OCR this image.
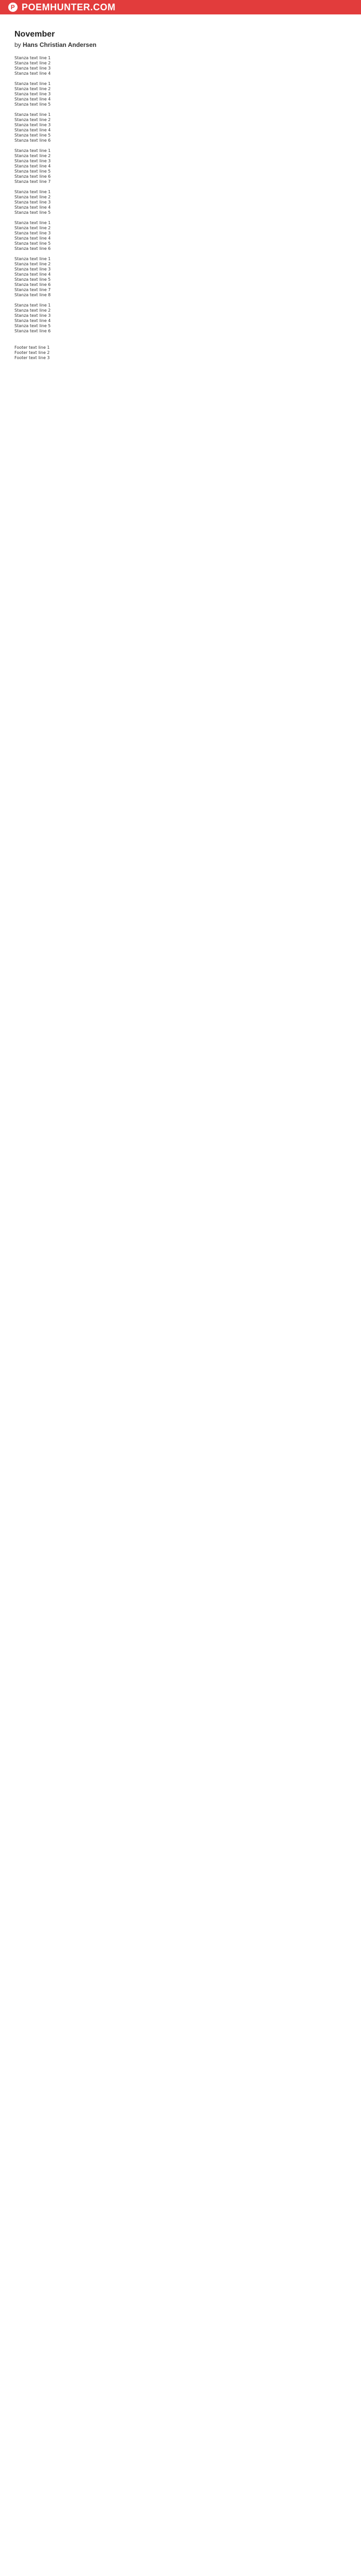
P POEMHUNTER.COM
November
by Hans Christian Andersen
Stanza text line 1
Stanza text line 2
Stanza text line 3
Stanza text line 4
Stanza text line 1
Stanza text line 2
Stanza text line 3
Stanza text line 4
Stanza text line 5
Stanza text line 1
Stanza text line 2
Stanza text line 3
Stanza text line 4
Stanza text line 5
Stanza text line 6
Stanza text line 1
Stanza text line 2
Stanza text line 3
Stanza text line 4
Stanza text line 5
Stanza text line 6
Stanza text line 7
Stanza text line 1
Stanza text line 2
Stanza text line 3
Stanza text line 4
Stanza text line 5
Stanza text line 1
Stanza text line 2
Stanza text line 3
Stanza text line 4
Stanza text line 5
Stanza text line 6
Stanza text line 1
Stanza text line 2
Stanza text line 3
Stanza text line 4
Stanza text line 5
Stanza text line 6
Stanza text line 7
Stanza text line 8
Stanza text line 1
Stanza text line 2
Stanza text line 3
Stanza text line 4
Stanza text line 5
Stanza text line 6
Footer text line 1
Footer text line 2
Footer text line 3
